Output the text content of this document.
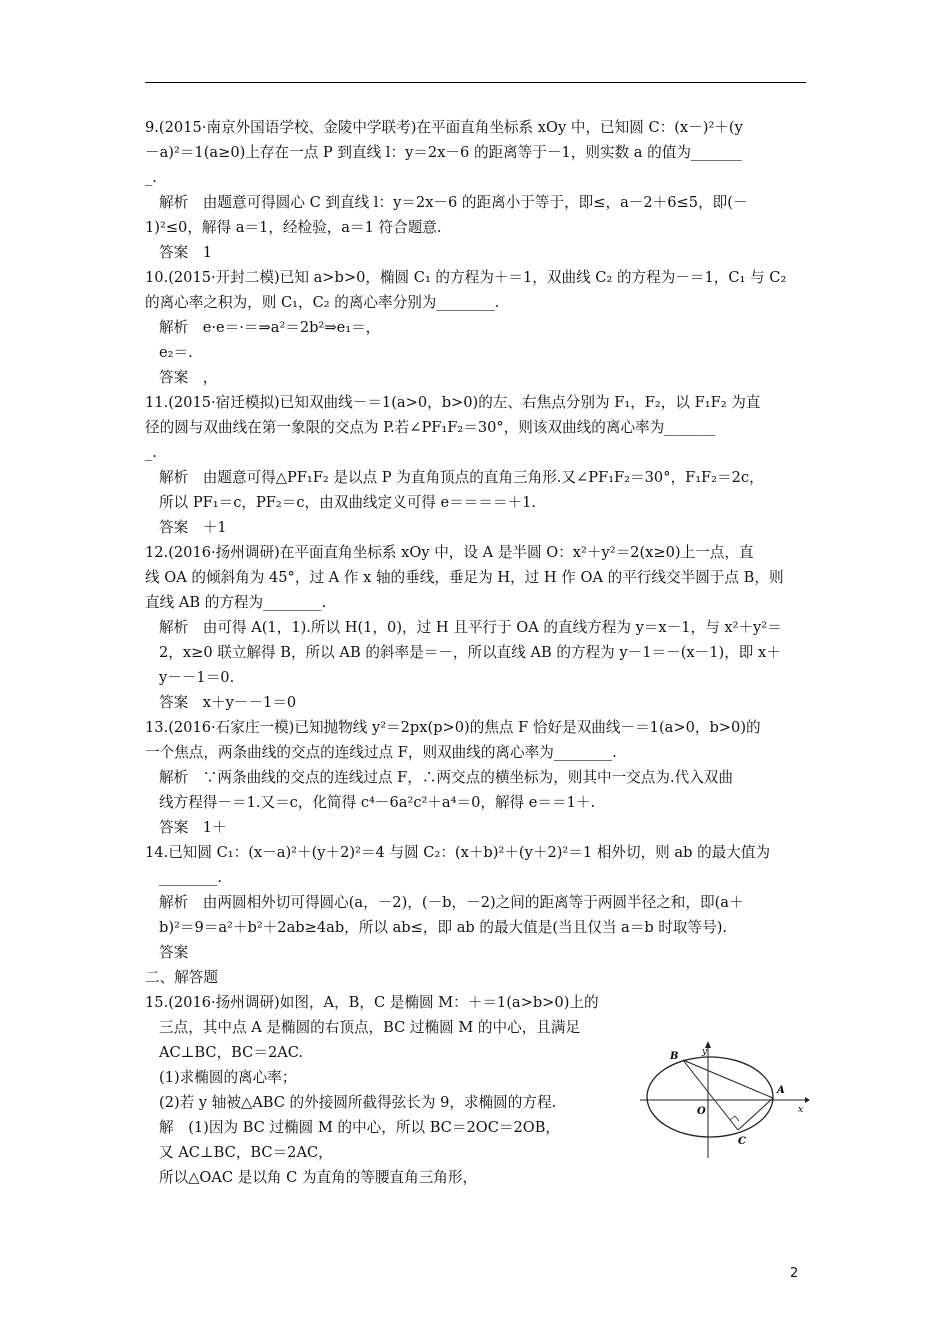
9.(2015·南京外国语学校、金陵中学联考)在平面直角坐标系 xOy 中，已知圆 C：(x－)²＋(y
－a)²＝1(a≥0)上存在一点 P 到直线 l：y＝2x－6 的距离等于－1，则实数 a 的值为_______
_.
解析　由题意可得圆心 C 到直线 l：y＝2x－6 的距离小于等于，即≤，a－2＋6≤5，即(－
1)²≤0，解得 a＝1，经检验，a＝1 符合题意.
答案　1
10.(2015·开封二模)已知 a>b>0，椭圆 C₁ 的方程为＋＝1，双曲线 C₂ 的方程为－＝1，C₁ 与 C₂
的离心率之积为，则 C₁，C₂ 的离心率分别为________.
解析　e·e＝·＝⇒a²＝2b²⇒e₁＝，
e₂＝.
答案　，
11.(2015·宿迁模拟)已知双曲线－＝1(a>0，b>0)的左、右焦点分别为 F₁，F₂，以 F₁F₂ 为直
径的圆与双曲线在第一象限的交点为 P.若∠PF₁F₂＝30°，则该双曲线的离心率为_______
_.
解析　由题意可得△PF₁F₂ 是以点 P 为直角顶点的直角三角形.又∠PF₁F₂＝30°，F₁F₂＝2c，
所以 PF₁＝c，PF₂＝c，由双曲线定义可得 e＝＝＝＝＋1.
答案　＋1
12.(2016·扬州调研)在平面直角坐标系 xOy 中，设 A 是半圆 O：x²＋y²＝2(x≥0)上一点，直
线 OA 的倾斜角为 45°，过 A 作 x 轴的垂线，垂足为 H，过 H 作 OA 的平行线交半圆于点 B，则
直线 AB 的方程为________.
解析　由可得 A(1，1).所以 H(1，0)，过 H 且平行于 OA 的直线方程为 y＝x－1，与 x²＋y²＝
2，x≥0 联立解得 B，所以 AB 的斜率是＝－，所以直线 AB 的方程为 y－1＝－(x－1)，即 x＋
y－－1＝0.
答案　x＋y－－1＝0
13.(2016·石家庄一模)已知抛物线 y²＝2px(p>0)的焦点 F 恰好是双曲线－＝1(a>0，b>0)的
一个焦点，两条曲线的交点的连线过点 F，则双曲线的离心率为________.
解析　∵两条曲线的交点的连线过点 F，∴两交点的横坐标为，则其中一交点为.代入双曲
线方程得－＝1.又＝c，化简得 c⁴－6a²c²＋a⁴＝0，解得 e＝＝1＋.
答案　1＋
14.已知圆 C₁：(x－a)²＋(y＋2)²＝4 与圆 C₂：(x＋b)²＋(y＋2)²＝1 相外切，则 ab 的最大值为
________.
解析　由两圆相外切可得圆心(a，－2)，(－b，－2)之间的距离等于两圆半径之和，即(a＋
b)²＝9＝a²＋b²＋2ab≥4ab，所以 ab≤，即 ab 的最大值是(当且仅当 a＝b 时取等号).
答案
二、解答题
15.(2016·扬州调研)如图，A，B，C 是椭圆 M：＋＝1(a>b>0)上的
三点，其中点 A 是椭圆的右顶点，BC 过椭圆 M 的中心，且满足
AC⊥BC，BC＝2AC.
(1)求椭圆的离心率；
(2)若 y 轴被△ABC 的外接圆所截得弦长为 9，求椭圆的方程.
解　(1)因为 BC 过椭圆 M 的中心，所以 BC＝2OC＝2OB，
又 AC⊥BC，BC＝2AC，
所以△OAC 是以角 C 为直角的等腰直角三角形，
B
A
O
C
y
x
2
